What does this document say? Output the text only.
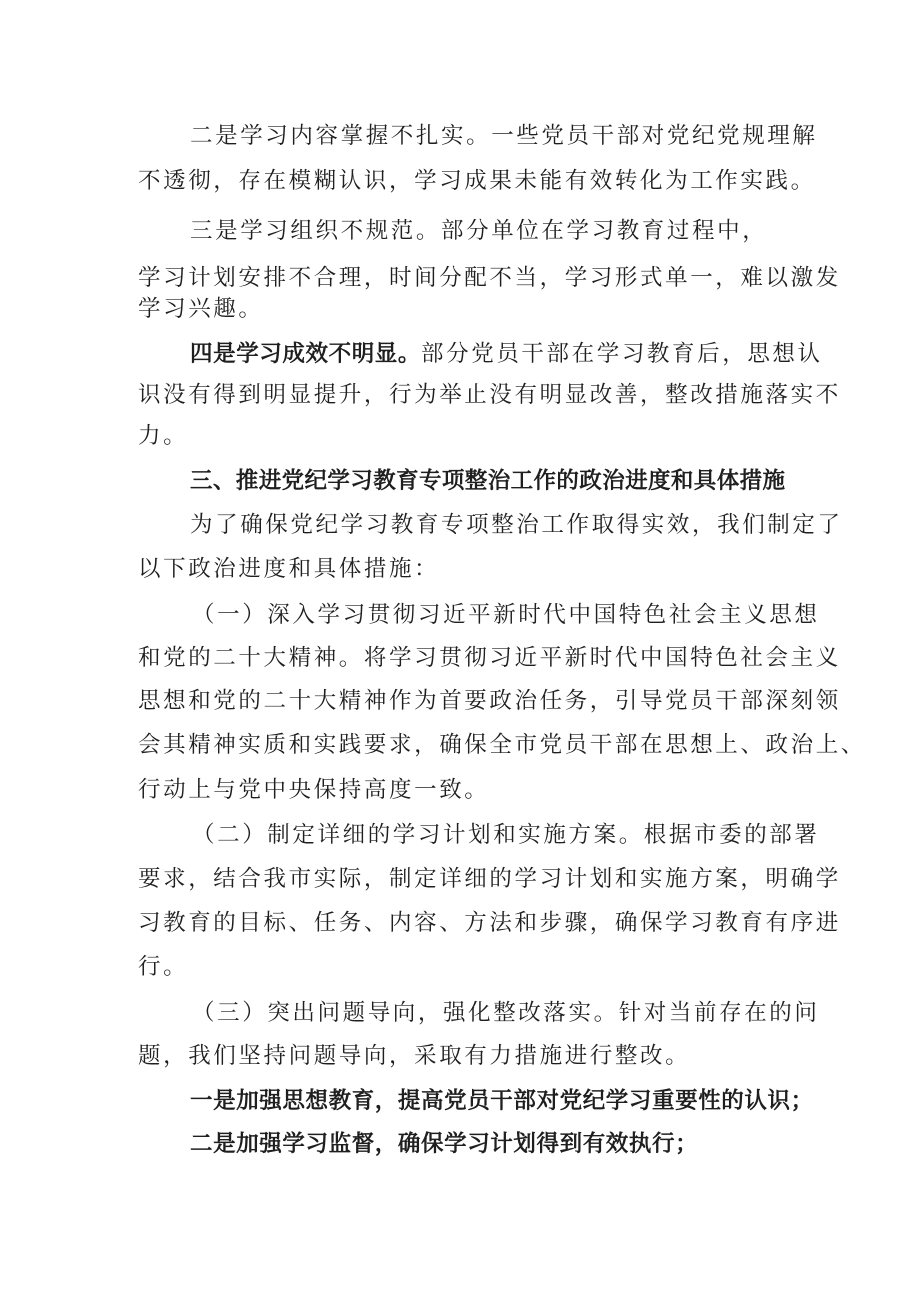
二是学习内容掌握不扎实。一些党员干部对党纪党规理解
不透彻，存在模糊认识，学习成果未能有效转化为工作实践。
三是学习组织不规范。部分单位在学习教育过程中，
学习计划安排不合理，时间分配不当，学习形式单一，难以激发
学习兴趣。
四是学习成效不明显。部分党员干部在学习教育后，思想认
识没有得到明显提升，行为举止没有明显改善，整改措施落实不
力。
三、推进党纪学习教育专项整治工作的政治进度和具体措施
为了确保党纪学习教育专项整治工作取得实效，我们制定了
以下政治进度和具体措施：
（一）深入学习贯彻习近平新时代中国特色社会主义思想
和党的二十大精神。将学习贯彻习近平新时代中国特色社会主义
思想和党的二十大精神作为首要政治任务，引导党员干部深刻领
会其精神实质和实践要求，确保全市党员干部在思想上、政治上、
行动上与党中央保持高度一致。
（二）制定详细的学习计划和实施方案。根据市委的部署
要求，结合我市实际，制定详细的学习计划和实施方案，明确学
习教育的目标、任务、内容、方法和步骤，确保学习教育有序进
行。
（三）突出问题导向，强化整改落实。针对当前存在的问
题，我们坚持问题导向，采取有力措施进行整改。
一是加强思想教育，提高党员干部对党纪学习重要性的认识；
二是加强学习监督，确保学习计划得到有效执行；
